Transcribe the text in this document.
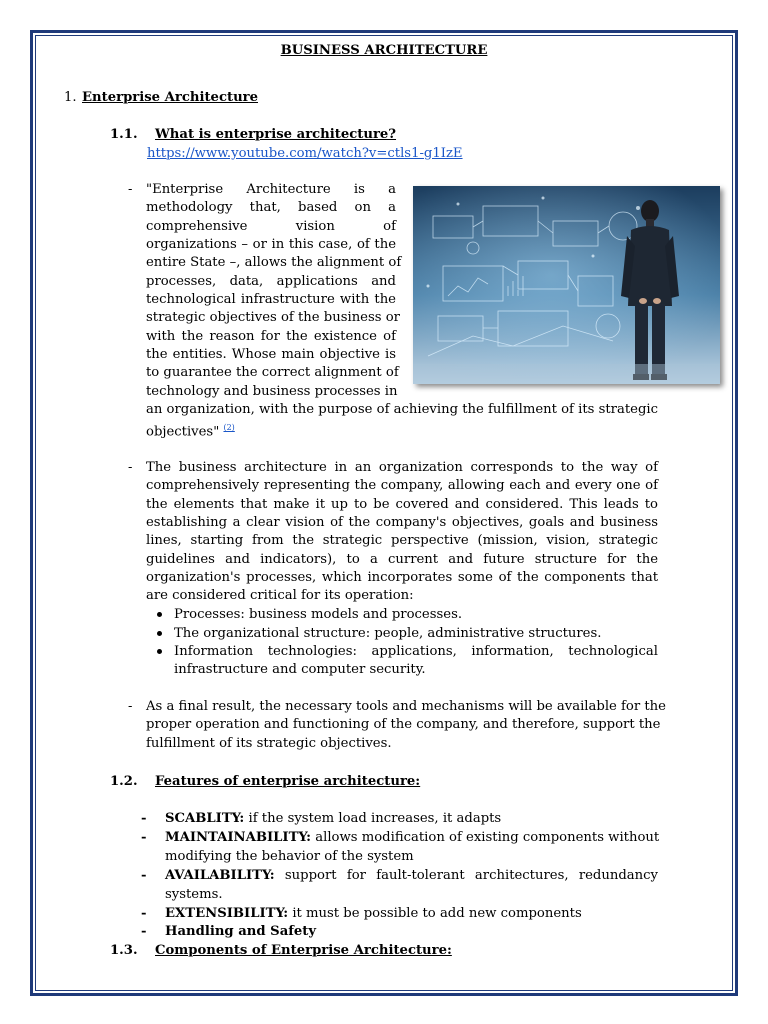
BUSINESS ARCHITECTURE
1. Enterprise Architecture
1.1. What is enterprise architecture?
https://www.youtube.com/watch?v=ctls1-g1IzE
- "Enterprise Architecture is a
methodology that, based on a
comprehensive vision of
organizations – or in this case, of the
entire State –, allows the alignment of
processes, data, applications and
technological infrastructure with the
strategic objectives of the business or
with the reason for the existence of
the entities. Whose main objective is
to guarantee the correct alignment of
technology and business processes in
an organization, with the purpose of achieving the fulfillment of its strategic
objectives" $^{(2)}$
- The business architecture in an organization corresponds to the way of
comprehensively representing the company, allowing each and every one of
the elements that make it up to be covered and considered. This leads to
establishing a clear vision of the company's objectives, goals and business
lines, starting from the strategic perspective (mission, vision, strategic
guidelines and indicators), to a current and future structure for the
organization's processes, which incorporates some of the components that
are considered critical for its operation:
Processes: business models and processes.
The organizational structure: people, administrative structures.
Information technologies: applications, information, technological
infrastructure and computer security.
- As a final result, the necessary tools and mechanisms will be available for the
proper operation and functioning of the company, and therefore, support the
fulfillment of its strategic objectives.
1.2. Features of enterprise architecture:
- SCABLITY: if the system load increases, it adapts
- MAINTAINABILITY: allows modification of existing components without
modifying the behavior of the system
- AVAILABILITY: support for fault-tolerant architectures, redundancy
systems.
- EXTENSIBILITY: it must be possible to add new components
- Handling and Safety
1.3. Components of Enterprise Architecture:
